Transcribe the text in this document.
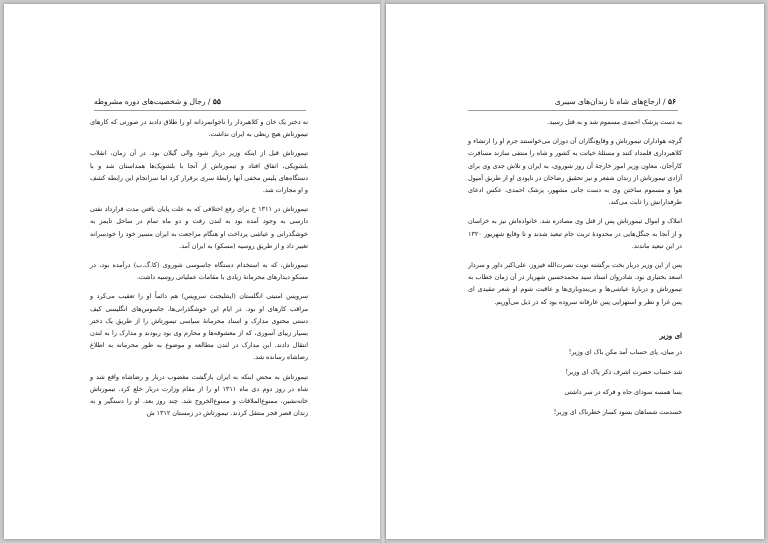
۵۵ / رجال و شخصیت‌های دوره مشروطه

نه دختر یک خان و کلاهبردار را ناجوانمردانه او را طلاق دادند در صورتی که کارهای تیمورتاش هیچ ربطی به ایران نداشت.

تیمورتاش قبل از اینکه وزیر دربار شود والی گیلان بود. در آن زمان، انقلاب بلشویکی، اتفاق افتاد و تیمورتاش از آنجا با بلشویک‌ها همداستان شد و با دستگاه‌های پلیس مخفی آنها رابطهٔ سری برقرار کرد اما سرانجام این رابطه کشف و او مجازات شد.

تیمورتاش در ۱۳۱۱ خ برای رفع اختلافی که به علت پایان یافتن مدت قرارداد نفتی دارسی به وجود آمده بود به لندن رفت و دو ماه تمام در ساحل تایمز به خوشگذرانی و عیاشی پرداخت او هنگام مراجعت به ایران مسیر خود را خودسرانه تغییر داد و از طریق روسیه (مسکو) به ایران آمد.

تیمورتاش، که به استخدام دستگاه جاسوسی شوروی (کا.گ.ب) درآمده بود، در مسکو دیدارهای محرمانهٔ زیادی با مقامات عملیاتی روسیه داشت.

سرویس امنیتی انگلستان (اینتلیجنت سرویس) هم دائماً او را تعقیب می‌کرد و مراقب کارهای او بود. در ایام این خوشگذرانی‌ها، جاسوس‌های انگلیسی کیف دستی محتوی مدارک و اسناد محرمانهٔ سیاسی تیمورتاش را از طریق یک دختر بسیار زیبای آسوری، که از معشوقه‌ها و محارم وی بود ربودند و مدارک را به لندن انتقال دادند. این مدارک در لندن مطالعه و موضوع به طور محرمانه به اطلاع رضاشاه رسانده شد.

تیمورتاش به محض اینکه به ایران بازگشت مغضوب دربار و رضاشاه واقع شد و شاه در روز دوم دی ماه ۱۳۱۱ او را از مقام وزارت دربار خلع کرد. تیمورتاش خانه‌نشین، ممنوع‌الملاقات و ممنوع‌الخروج شد. چند روز بعد، او را دستگیر و به زندان قصر قجر منتقل کردند. تیمورتاش در زمستان ۱۳۱۲ ش

۵۶ / ازجاع‌های شاه تا زندان‌های سیبری

به دست پزشک احمدی مسموم شد و به قتل رسید.

گرچه هواداران تیمورتاش و وقایع‌نگاران آن دوران می‌خواستند جرم او را ارتشاء و کلاهبرداری قلمداد کنند و مسئلهٔ خیانت به کشور و شاه را منتفی سازند مسافرت کارآجان، معاون وزیر امور خارجهٔ آن روز شوروی، به ایران و تلاش جدی وی برای آزادی تیمورتاش از زندان شفعر و نیز تحقیق رضاخان در ناپودی او از طریق آمپول هوا و مسموم ساختن وی به دست جانی مشهور، پزشک احمدی، عکس ادعای طرفدارانش را ثابت می‌کند.

املاک و اموال تیمورتاش پس از قتل وی مصادره شد. خانواده‌اش نیز به خراسان و از آنجا به جنگل‌هایی در محدودهٔ تربت جام تبعید شدند و تا وقایع شهریور ۱۳۲۰ در این تبعید ماندند.

پس از این وزیر دربار بخت برگشته نوبت نصرت‌الله فیروز، علی‌اکبر داور و سردار اسعد بختیاری بود. شادروان استاد سید محمدحسین شهریار در آن زمان خطاب به تیمورتاش و دربارهٔ عیاشی‌ها و بی‌بندوباری‌ها و عاقبت شوم او شعر تنقیدی ای پس غرا و نظر و استهزایی پس عارفانه سروده بود که در ذیل می‌آوریم.

ای وزیر

در میان، پای حساب آمد مکن باک ای وزیر!

شد حساب حضرت اشرف ذکر پاک ای وزیر!

بسا همسه سودای جاه و فرکه در سر داشتی

خسدمت شساهان بسود کسار خطرناک ای وزیر!
